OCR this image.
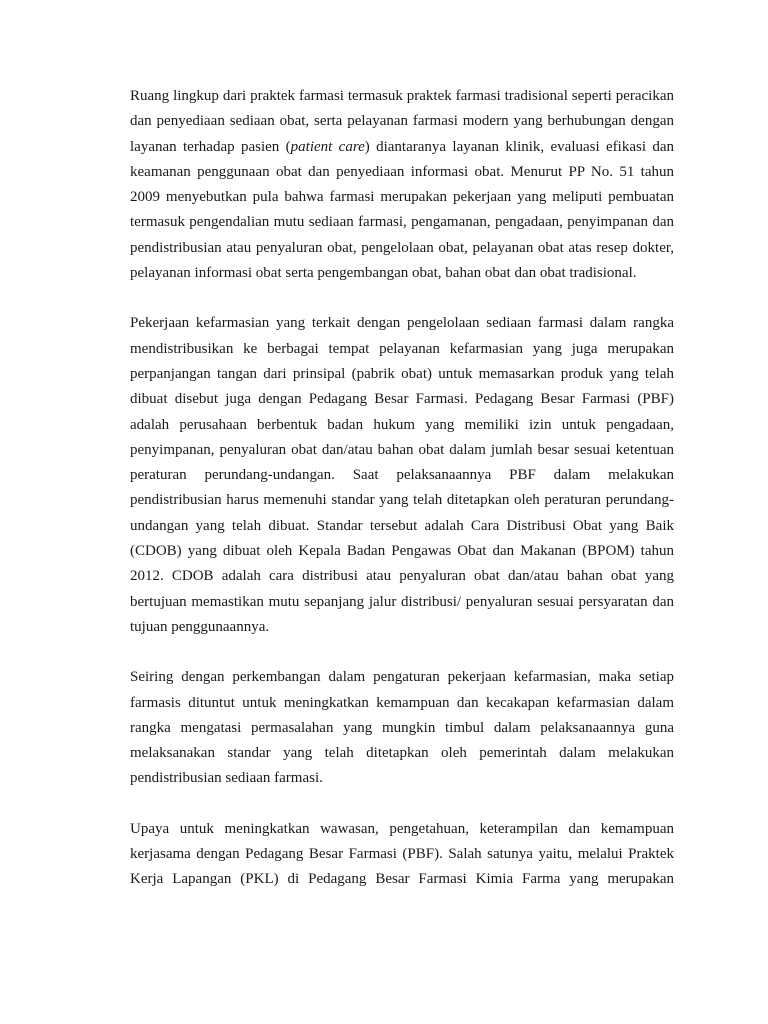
Ruang lingkup dari praktek farmasi termasuk praktek farmasi tradisional seperti peracikan dan penyediaan sediaan obat, serta pelayanan farmasi modern yang berhubungan dengan layanan terhadap pasien (patient care) diantaranya layanan klinik, evaluasi efikasi dan keamanan penggunaan obat dan penyediaan informasi obat. Menurut PP No. 51 tahun 2009 menyebutkan pula bahwa farmasi merupakan pekerjaan yang meliputi pembuatan termasuk pengendalian mutu sediaan farmasi, pengamanan, pengadaan, penyimpanan dan pendistribusian atau penyaluran obat, pengelolaan obat, pelayanan obat atas resep dokter, pelayanan informasi obat serta pengembangan obat, bahan obat dan obat tradisional.

Pekerjaan kefarmasian yang terkait dengan pengelolaan sediaan farmasi dalam rangka mendistribusikan ke berbagai tempat pelayanan kefarmasian yang juga merupakan perpanjangan tangan dari prinsipal (pabrik obat) untuk memasarkan produk yang telah dibuat disebut juga dengan Pedagang Besar Farmasi. Pedagang Besar Farmasi (PBF) adalah perusahaan berbentuk badan hukum yang memiliki izin untuk pengadaan, penyimpanan, penyaluran obat dan/atau bahan obat dalam jumlah besar sesuai ketentuan peraturan perundang-undangan. Saat pelaksanaannya PBF dalam melakukan pendistribusian harus memenuhi standar yang telah ditetapkan oleh peraturan perundang-undangan yang telah dibuat. Standar tersebut adalah Cara Distribusi Obat yang Baik (CDOB) yang dibuat oleh Kepala Badan Pengawas Obat dan Makanan (BPOM) tahun 2012. CDOB adalah cara distribusi atau penyaluran obat dan/atau bahan obat yang bertujuan memastikan mutu sepanjang jalur distribusi/ penyaluran sesuai persyaratan dan tujuan penggunaannya.

Seiring dengan perkembangan dalam pengaturan pekerjaan kefarmasian, maka setiap farmasis dituntut untuk meningkatkan kemampuan dan kecakapan kefarmasian dalam rangka mengatasi permasalahan yang mungkin timbul dalam pelaksanaannya guna melaksanakan standar yang telah ditetapkan oleh pemerintah dalam melakukan pendistribusian sediaan farmasi.

Upaya untuk meningkatkan wawasan, pengetahuan, keterampilan dan kemampuan kerjasama dengan Pedagang Besar Farmasi (PBF). Salah satunya yaitu, melalui Praktek Kerja Lapangan (PKL) di Pedagang Besar Farmasi Kimia Farma yang merupakan
